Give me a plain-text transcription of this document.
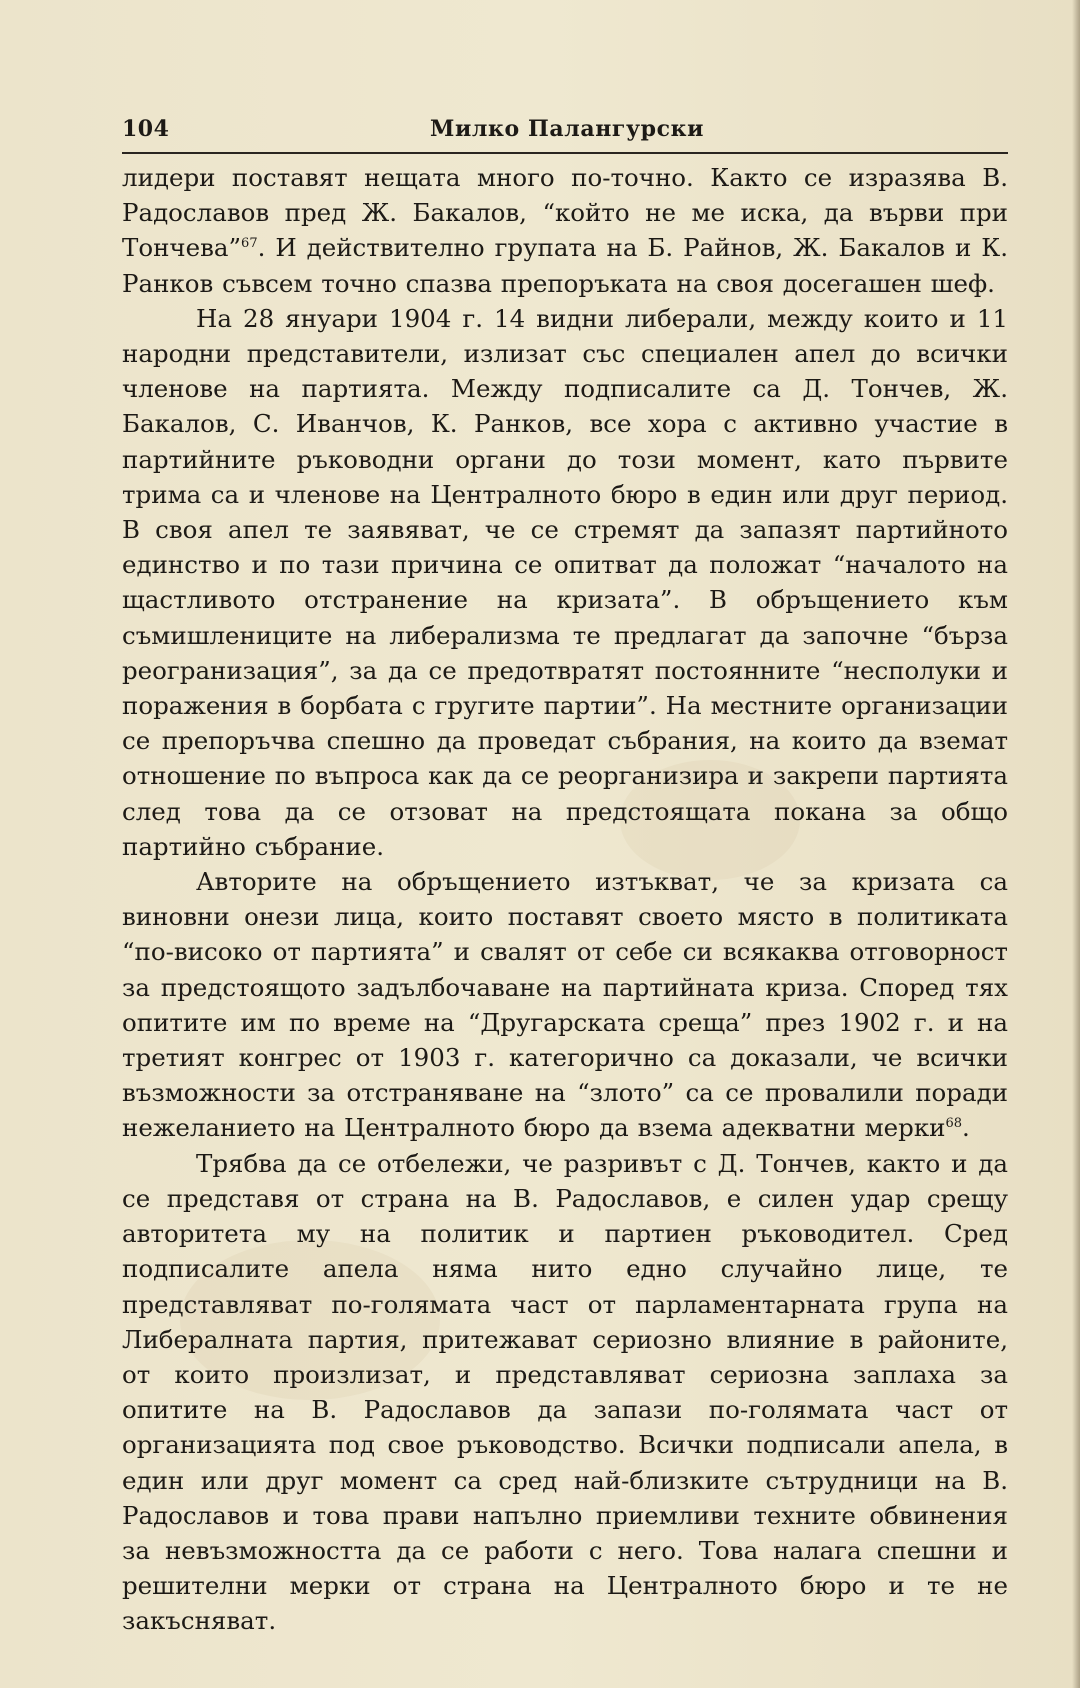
104	Милко Палангурски

лидери поставят нещата много по-точно. Както се изразява В. Радославов пред Ж. Бакалов, “който не ме иска, да върви при Тончева”$^{67}$. И действително групата на Б. Райнов, Ж. Бакалов и К. Ранков съвсем точно спазва препоръката на своя досегашен шеф.

На 28 януари 1904 г. 14 видни либерали, между които и 11 народни представители, излизат със специален апел до всички членове на партията. Между подписалите са Д. Тончев, Ж. Бакалов, С. Иванчов, К. Ранков, все хора с активно участие в партийните ръководни органи до този момент, като първите трима са и членове на Централното бюро в един или друг период. В своя апел те заявяват, че се стремят да запазят партийното единство и по тази причина се опитват да положат “началото на щастливото отстранение на кризата”. В обръщението към съмишлениците на либерализма те предлагат да започне “бърза реогранизация”, за да се предотвратят постоянните “несполуки и поражения в борбата с гругите партии”. На местните организации се препоръчва спешно да проведат събрания, на които да вземат отношение по въпроса как да се реорганизира и закрепи партията след това да се отзоват на предстоящата покана за общо партийно събрание.

Авторите на обръщението изтъкват, че за кризата са виновни онези лица, които поставят своето място в политиката “по-високо от партията” и свалят от себе си всякаква отговорност за предстоящото задълбочаване на партийната криза. Според тях опитите им по време на “Другарската среща” през 1902 г. и на третият конгрес от 1903 г. категорично са доказали, че всички възможности за отстраняване на “злото” са се провалили поради нежеланието на Централното бюро да взема адекватни мерки$^{68}$.

Трябва да се отбележи, че разривът с Д. Тончев, както и да се представя от страна на В. Радославов, е силен удар срещу авторитета му на политик и партиен ръководител. Сред подписалите апела няма нито едно случайно лице, те представляват по-голямата част от парламентарната група на Либералната партия, притежават сериозно влияние в районите, от които произлизат, и представляват сериозна заплаха за опитите на В. Радославов да запази по-голямата част от организацията под свое ръководство. Всички подписали апела, в един или друг момент са сред най-близките сътрудници на В. Радославов и това прави напълно приемливи техните обвинения за невъзможността да се работи с него. Това налага спешни и решителни мерки от страна на Централното бюро и те не закъсняват.
